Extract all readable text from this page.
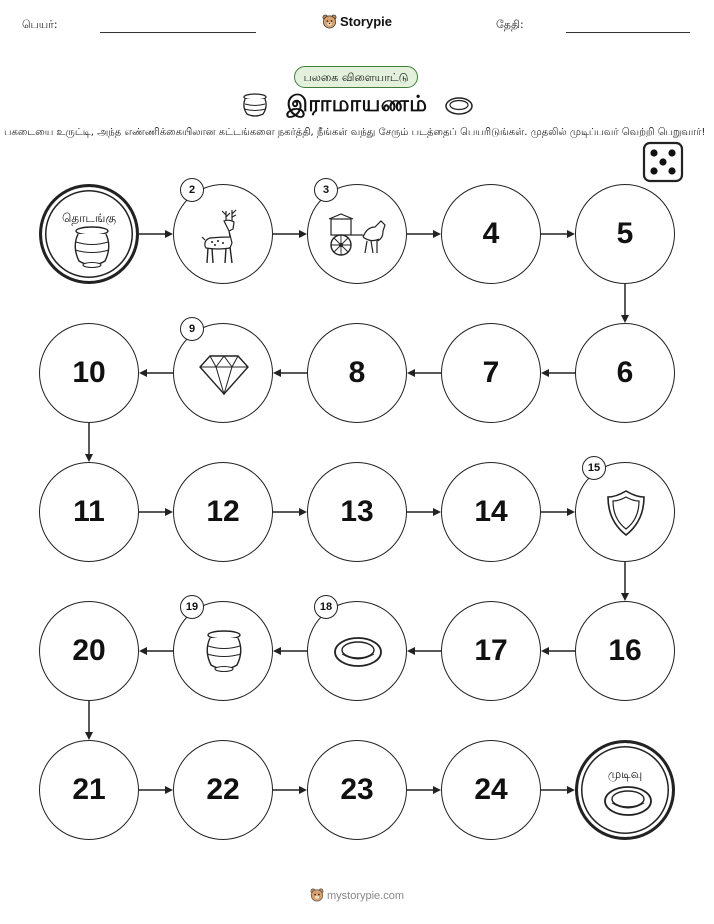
பெயர்:	Storypie	தேதி:
பலகை விளையாட்டு
இராமாயணம்
பகடையை உருட்டி, அந்த எண்ணிக்கையிலான கட்டங்களை நகர்த்தி, நீங்கள் வந்து சேரும் படத்தைப் பெயரிடுங்கள். முதலில் முடிப்பவர் வெற்றி பெறுவார்!
தொடங்கு
2	3
4	5
6
7
8
9
10
11	12	13	14
15
16
17
18
19
20
21	22	23	24	முடிவு
mystorypie.com
